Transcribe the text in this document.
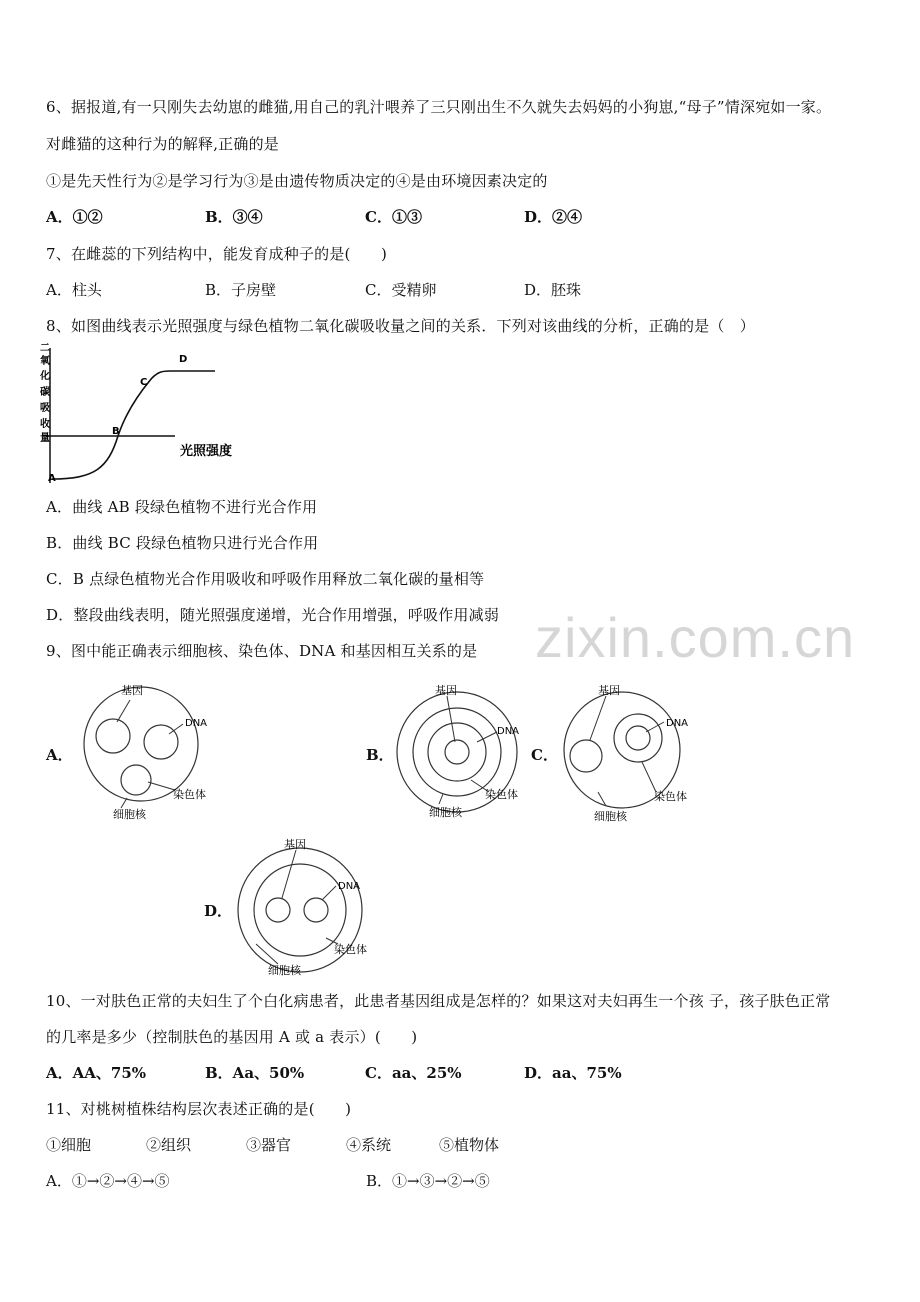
zixin.com.cn
6、据报道,有一只刚失去幼崽的雌猫,用自己的乳汁喂养了三只刚出生不久就失去妈妈的小狗崽,“母子”情深宛如一家。
对雌猫的这种行为的解释,正确的是
①是先天性行为②是学习行为③是由遗传物质决定的④是由环境因素决定的
A．①②	B．③④	C．①③	D．②④
7、在雌蕊的下列结构中，能发育成种子的是(　　)
A．柱头	B．子房壁	C．受精卵	D．胚珠
8、如图曲线表示光照强度与绿色植物二氧化碳吸收量之间的关系．下列对该曲线的分析，正确的是（　）
二
氧
化
碳
吸
收
量
A
B
C
D
光照强度
A．曲线 AB 段绿色植物不进行光合作用
B．曲线 BC 段绿色植物只进行光合作用
C．B 点绿色植物光合作用吸收和呼吸作用释放二氧化碳的量相等
D．整段曲线表明，随光照强度递增，光合作用增强，呼吸作用减弱
9、图中能正确表示细胞核、染色体、DNA 和基因相互关系的是
A．	B．	C．
D．
基因
DNA
染色体
细胞核
基因
DNA
染色体
细胞核
基因
DNA
染色体
细胞核
基因
DNA
染色体
细胞核
10、一对肤色正常的夫妇生了个白化病患者，此患者基因组成是怎样的？如果这对夫妇再生一个孩 子，孩子肤色正常
的几率是多少（控制肤色的基因用 A 或 a 表示）(　　)
A．AA、75%	B．Aa、50%	C．aa、25%	D．aa、75%
11、对桃树植株结构层次表述正确的是(　　)
①细胞	②组织	③器官	④系统	⑤植物体
A．①→②→④→⑤	B．①→③→②→⑤
